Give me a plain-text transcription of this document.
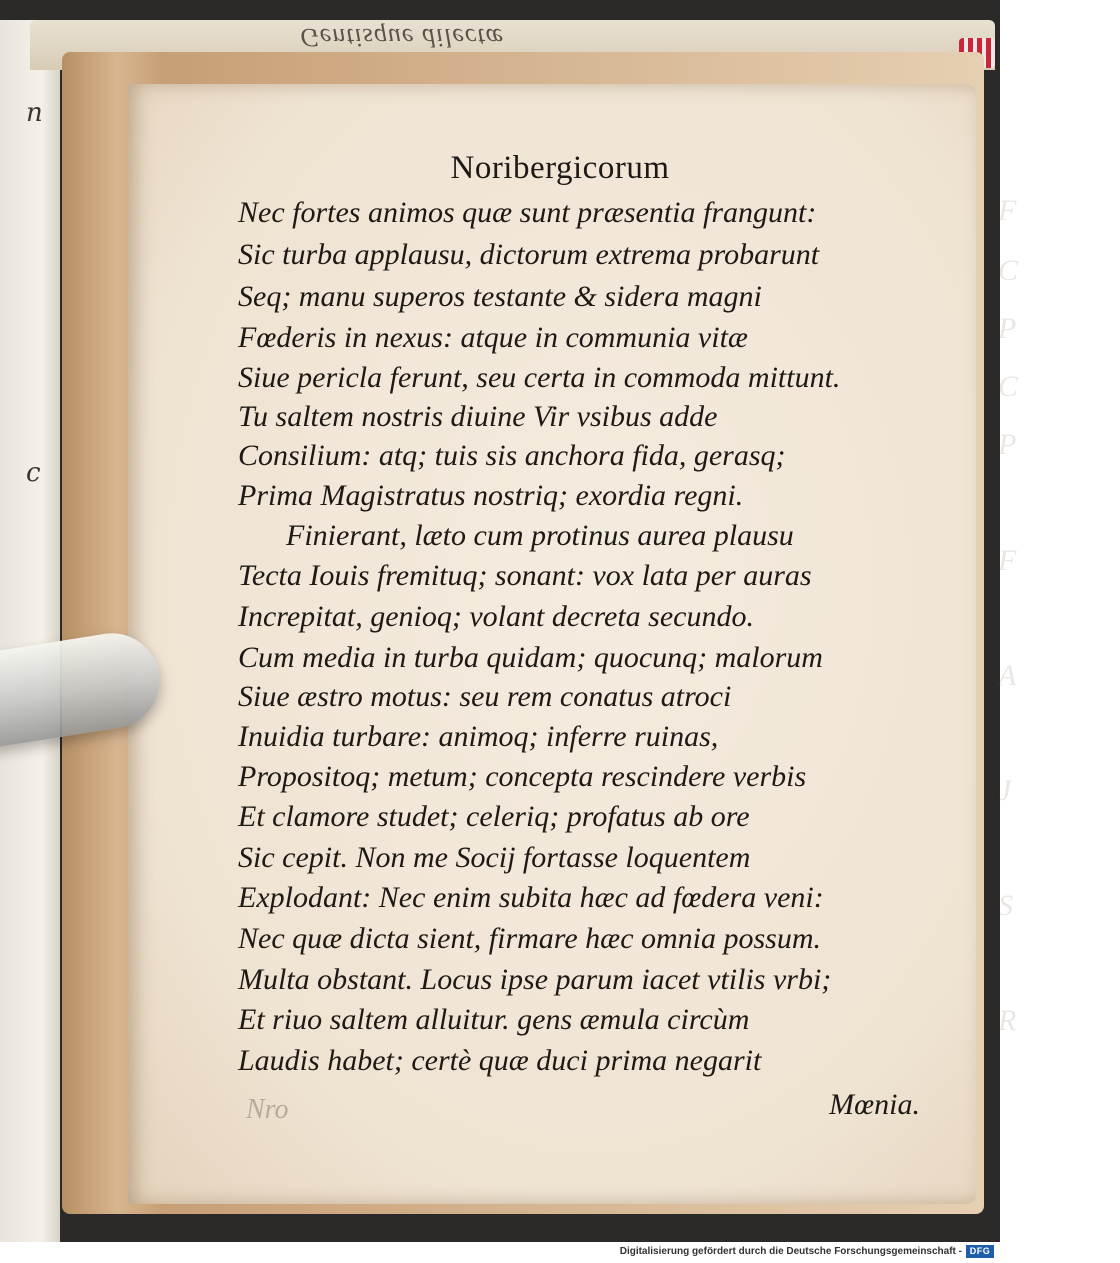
n
c
Gentisque dilectæ
F
C
P
C
P
F
A
J
S
R
Noribergicorum
Nec fortes animos quæ sunt præsentia frangunt:
Sic turba applausu, dictorum extrema probarunt
Seq; manu superos testante & sidera magni
Fœderis in nexus: atque in communia vitæ
Siue pericla ferunt, seu certa in commoda mittunt.
Tu saltem nostris diuine Vir vsibus adde
Consilium: atq; tuis sis anchora fida, gerasq;
Prima Magistratus nostriq; exordia regni.
Finierant, læto cum protinus aurea plausu
Tecta Iouis fremituq; sonant: vox lata per auras
Increpitat, genioq; volant decreta secundo.
Cum media in turba quidam; quocunq; malorum
Siue æstro motus: seu rem conatus atroci
Inuidia turbare: animoq; inferre ruinas,
Propositoq; metum; concepta rescindere verbis
Et clamore studet; celeriq; profatus ab ore
Sic cepit. Non me Socij fortasse loquentem
Explodant: Nec enim subita hæc ad fœdera veni:
Nec quæ dicta sient, firmare hæc omnia possum.
Multa obstant. Locus ipse parum iacet vtilis vrbi;
Et riuo saltem alluitur. gens æmula circùm
Laudis habet; certè quæ duci prima negarit
Mœnia.
Nro
Digitalisierung gefördert durch die Deutsche Forschungsgemeinschaft - DFG
